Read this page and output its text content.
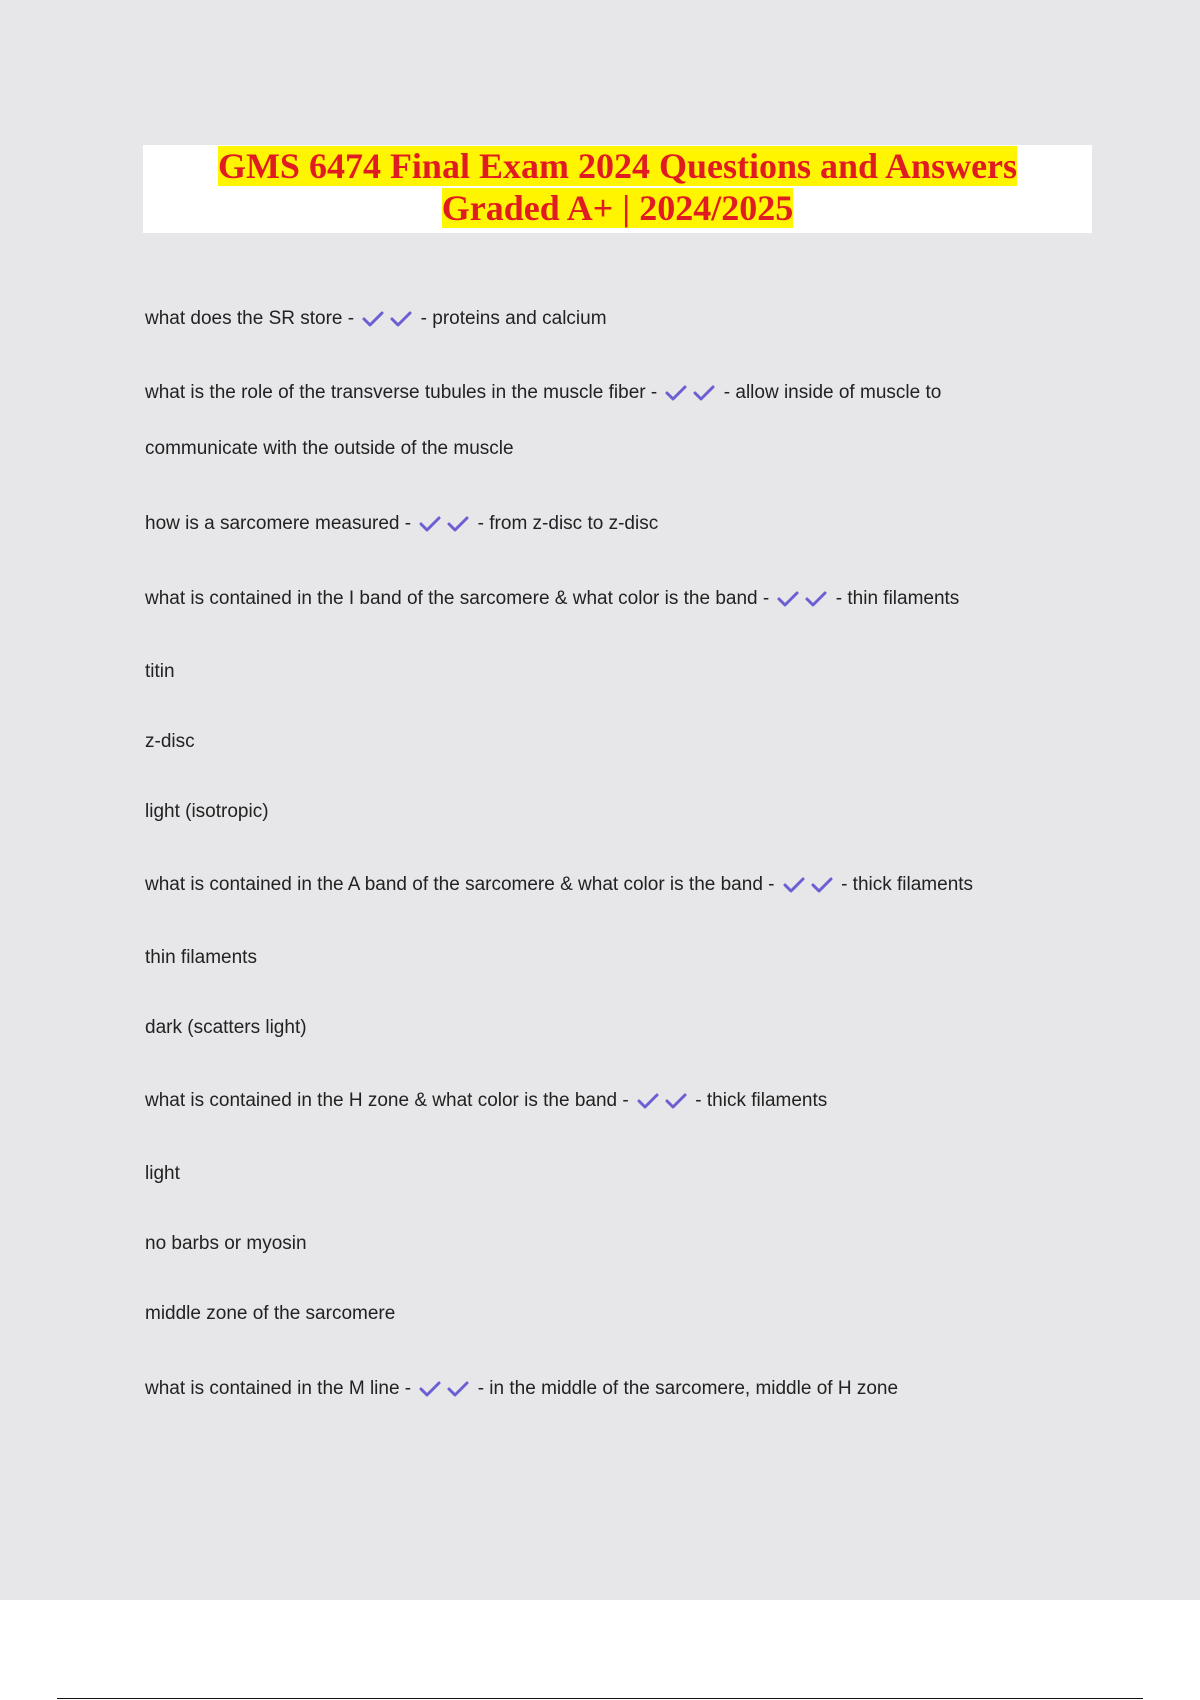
GMS 6474 Final Exam 2024 Questions and Answers
Graded A+ | 2024/2025
what does the SR store -	- proteins and calcium
what is the role of the transverse tubules in the muscle fiber -	- allow inside of muscle to
communicate with the outside of the muscle
how is a sarcomere measured -	- from z-disc to z-disc
what is contained in the I band of the sarcomere & what color is the band -	- thin filaments
titin
z-disc
light (isotropic)
what is contained in the A band of the sarcomere & what color is the band -	- thick filaments
thin filaments
dark (scatters light)
what is contained in the H zone & what color is the band -	- thick filaments
light
no barbs or myosin
middle zone of the sarcomere
what is contained in the M line -	- in the middle of the sarcomere, middle of H zone
